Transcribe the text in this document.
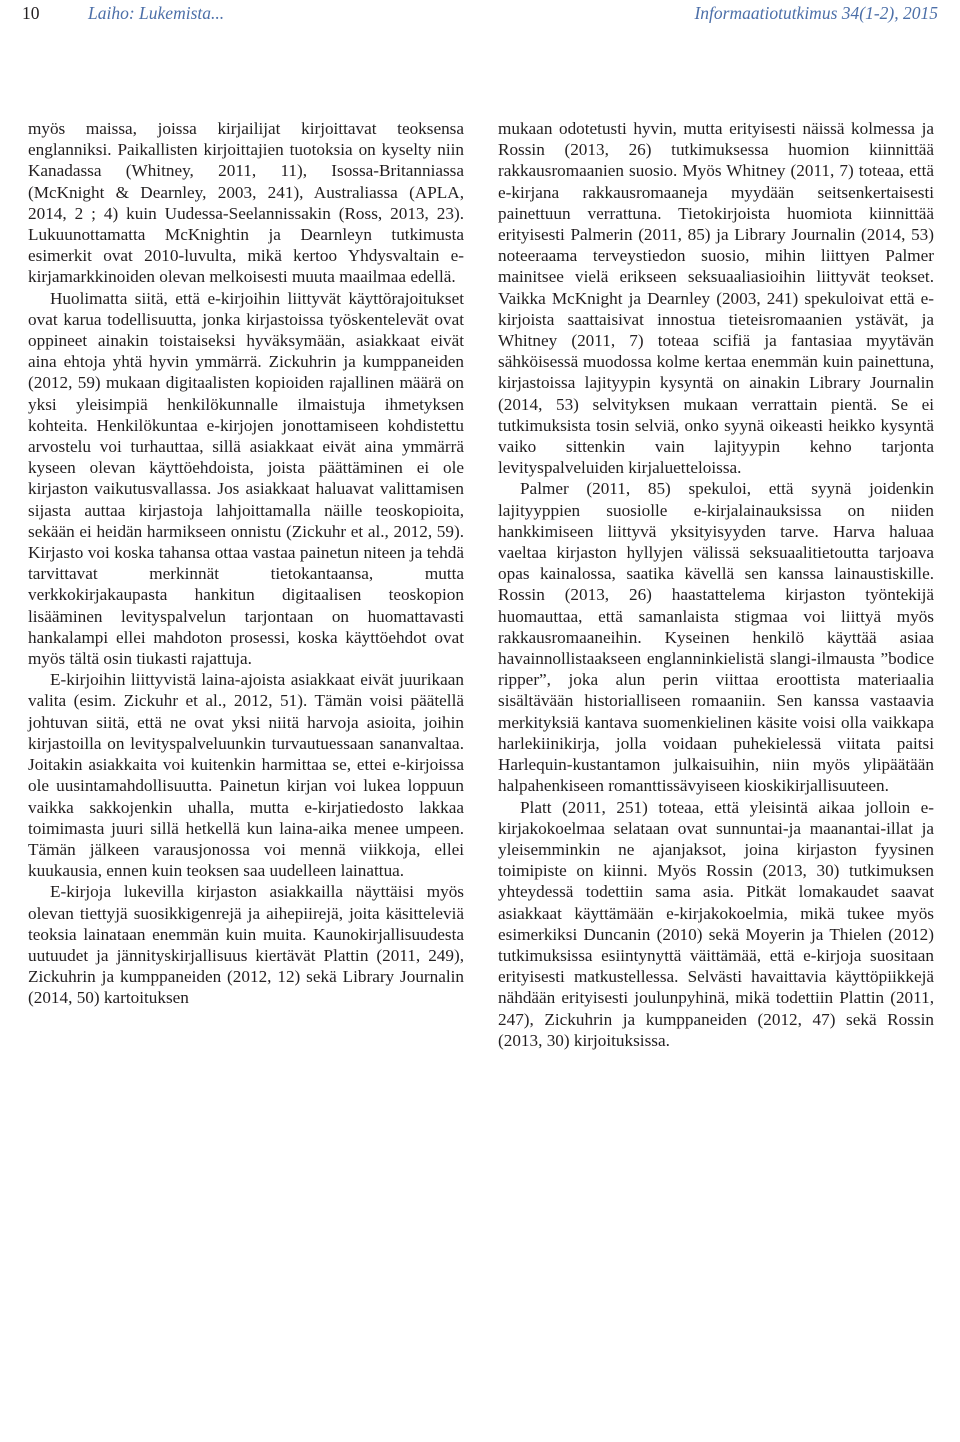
10	Laiho: Lukemista...	Informaatiotutkimus 34(1-2), 2015

myös maissa, joissa kirjailijat kirjoittavat teoksensa englanniksi. Paikallisten kirjoittajien tuotoksia on kyselty niin Kanadassa (Whitney, 2011, 11), Isossa-Britanniassa (McKnight & Dearnley, 2003, 241), Australiassa (APLA, 2014, 2 ; 4) kuin Uudessa-Seelannissakin (Ross, 2013, 23). Lukuunottamatta McKnightin ja Dearnleyn tutkimusta esimerkit ovat 2010-luvulta, mikä kertoo Yhdysvaltain e-kirjamarkkinoiden olevan melkoisesti muuta maailmaa edellä.

Huolimatta siitä, että e-kirjoihin liittyvät käyttörajoitukset ovat karua todellisuutta, jonka kirjastoissa työskentelevät ovat oppineet ainakin toistaiseksi hyväksymään, asiakkaat eivät aina ehtoja yhtä hyvin ymmärrä. Zickuhrin ja kumppaneiden (2012, 59) mukaan digitaalisten kopioiden rajallinen määrä on yksi yleisimpiä henkilökunnalle ilmaistuja ihmetyksen kohteita. Henkilökuntaa e-kirjojen jonottamiseen kohdistettu arvostelu voi turhauttaa, sillä asiakkaat eivät aina ymmärrä kyseen olevan käyttöehdoista, joista päättäminen ei ole kirjaston vaikutusvallassa. Jos asiakkaat haluavat valittamisen sijasta auttaa kirjastoja lahjoittamalla näille teoskopioita, sekään ei heidän harmikseen onnistu (Zickuhr et al., 2012, 59). Kirjasto voi koska tahansa ottaa vastaa painetun niteen ja tehdä tarvittavat merkinnät tietokantaansa, mutta verkkokirjakaupasta hankitun digitaalisen teoskopion lisääminen levityspalvelun tarjontaan on huomattavasti hankalampi ellei mahdoton prosessi, koska käyttöehdot ovat myös tältä osin tiukasti rajattuja.

E-kirjoihin liittyvistä laina-ajoista asiakkaat eivät juurikaan valita (esim. Zickuhr et al., 2012, 51). Tämän voisi päätellä johtuvan siitä, että ne ovat yksi niitä harvoja asioita, joihin kirjastoilla on levityspalveluunkin turvautuessaan sananvaltaa. Joitakin asiakkaita voi kuitenkin harmittaa se, ettei e-kirjoissa ole uusintamahdollisuutta. Painetun kirjan voi lukea loppuun vaikka sakkojenkin uhalla, mutta e-kirjatiedosto lakkaa toimimasta juuri sillä hetkellä kun laina-aika menee umpeen. Tämän jälkeen varausjonossa voi mennä viikkoja, ellei kuukausia, ennen kuin teoksen saa uudelleen lainattua.

E-kirjoja lukevilla kirjaston asiakkailla näyttäisi myös olevan tiettyjä suosikkigenrejä ja aihepiirejä, joita käsitteleviä teoksia lainataan enemmän kuin muita. Kaunokirjallisuudesta uutuudet ja jännityskirjallisuus kiertävät Plattin (2011, 249), Zickuhrin ja kumppaneiden (2012, 12) sekä Library Journalin (2014, 50) kartoituksen

mukaan odotetusti hyvin, mutta erityisesti näissä kolmessa ja Rossin (2013, 26) tutkimuksessa huomion kiinnittää rakkausromaanien suosio. Myös Whitney (2011, 7) toteaa, että e-kirjana rakkausromaaneja myydään seitsenkertaisesti painettuun verrattuna. Tietokirjoista huomiota kiinnittää erityisesti Palmerin (2011, 85) ja Library Journalin (2014, 53) noteeraama terveystiedon suosio, mihin liittyen Palmer mainitsee vielä erikseen seksuaaliasioihin liittyvät teokset. Vaikka McKnight ja Dearnley (2003, 241) spekuloivat että e-kirjoista saattaisivat innostua tieteisromaanien ystävät, ja Whitney (2011, 7) toteaa scifiä ja fantasiaa myytävän sähköisessä muodossa kolme kertaa enemmän kuin painettuna, kirjastoissa lajityypin kysyntä on ainakin Library Journalin (2014, 53) selvityksen mukaan verrattain pientä. Se ei tutkimuksista tosin selviä, onko syynä oikeasti heikko kysyntä vaiko sittenkin vain lajityypin kehno tarjonta levityspalveluiden kirjaluetteloissa.

Palmer (2011, 85) spekuloi, että syynä joidenkin lajityyppien suosiolle e-kirjalainauksissa on niiden hankkimiseen liittyvä yksityisyyden tarve. Harva haluaa vaeltaa kirjaston hyllyjen välissä seksuaalitietoutta tarjoava opas kainalossa, saatika kävellä sen kanssa lainaustiskille. Rossin (2013, 26) haastattelema kirjaston työntekijä huomauttaa, että samanlaista stigmaa voi liittyä myös rakkausromaaneihin. Kyseinen henkilö käyttää asiaa havainnollistaakseen englanninkielistä slangi-ilmausta ”bodice ripper”, joka alun perin viittaa eroottista materiaalia sisältävään historialliseen romaaniin. Sen kanssa vastaavia merkityksiä kantava suomenkielinen käsite voisi olla vaikkapa harlekiinikirja, jolla voidaan puhekielessä viitata paitsi Harlequin-kustantamon julkaisuihin, niin myös ylipäätään halpahenkiseen romanttissävyiseen kioskikirjallisuuteen.

Platt (2011, 251) toteaa, että yleisintä aikaa jolloin e-kirjakokoelmaa selataan ovat sunnuntai-ja maanantai-illat ja yleisemminkin ne ajanjaksot, joina kirjaston fyysinen toimipiste on kiinni. Myös Rossin (2013, 30) tutkimuksen yhteydessä todettiin sama asia. Pitkät lomakaudet saavat asiakkaat käyttämään e-kirjakokoelmia, mikä tukee myös esimerkiksi Duncanin (2010) sekä Moyerin ja Thielen (2012) tutkimuksissa esiintynyttä väittämää, että e-kirjoja suositaan erityisesti matkustellessa. Selvästi havaittavia käyttöpiikkejä nähdään erityisesti joulunpyhinä, mikä todettiin Plattin (2011, 247), Zickuhrin ja kumppaneiden (2012, 47) sekä Rossin (2013, 30) kirjoituksissa.
